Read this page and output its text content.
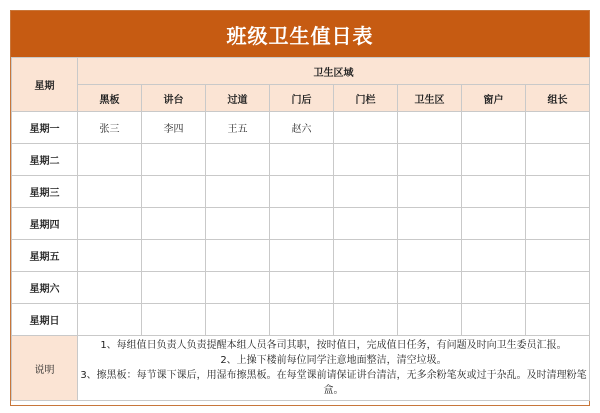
班级卫生值日表
星期	卫生区域							
	黑板	讲台	过道	门后	门栏	卫生区	窗户	组长
星期一	张三	李四	王五	赵六				
星期二								
星期三								
星期四								
星期五								
星期六								
星期日								
说明	1、每组值日负责人负责提醒本组人员各司其职，按时值日，完成值日任务，有问题及时向卫生委员汇报。
2、上操下楼前每位同学注意地面整洁，清空垃圾。
3、擦黑板：每节课下课后，用湿布擦黑板。在每堂课前请保证讲台清洁，无多余粉笔灰或过于杂乱。及时清理粉笔盒。							
